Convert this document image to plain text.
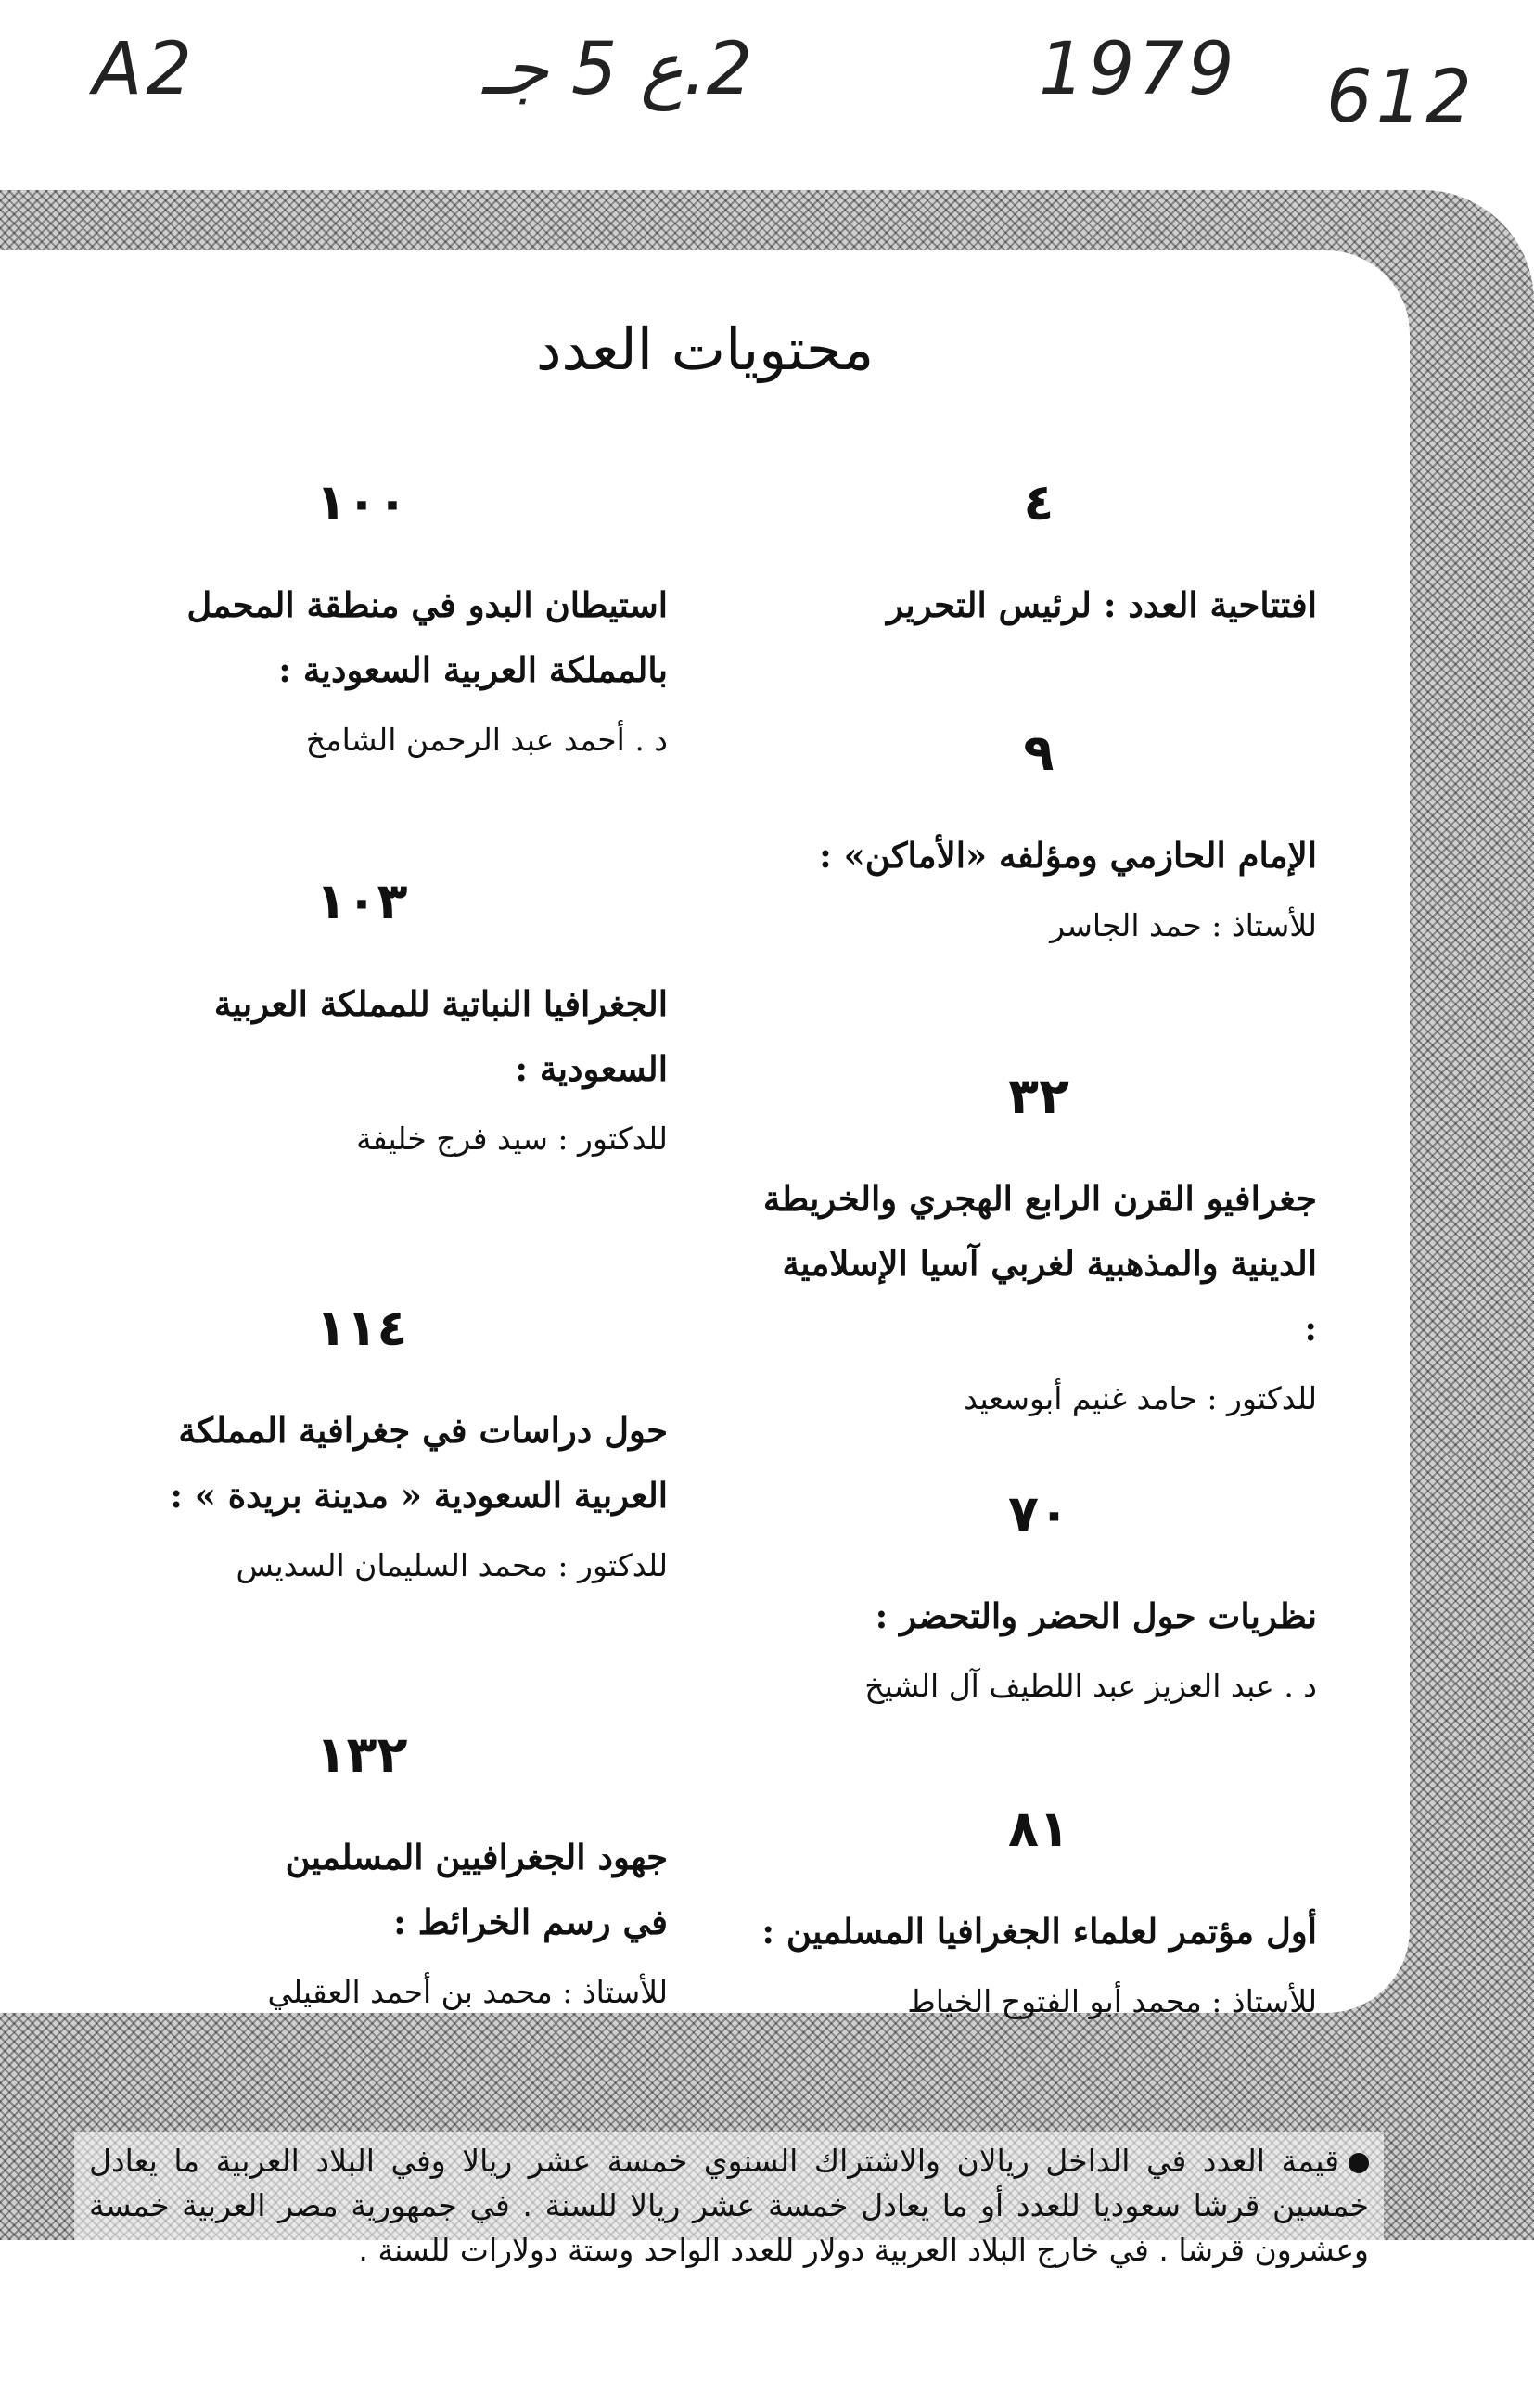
A2	2.ع 5 جـ	1979 612
محتويات العدد
٤
افتتاحية العدد : لرئيس التحرير
٩
الإمام الحازمي ومؤلفه «الأماكن» :
للأستاذ : حمد الجاسر
٣٢
جغرافيو القرن الرابع الهجري والخريطة
الدينية والمذهبية لغربي آسيا الإسلامية :
للدكتور : حامد غنيم أبوسعيد
٧٠
نظريات حول الحضر والتحضر :
د . عبد العزيز عبد اللطيف آل الشيخ
٨١
أول مؤتمر لعلماء الجغرافيا المسلمين :
للأستاذ : محمد أبو الفتوح الخياط
١٠٠
استيطان البدو في منطقة المحمل
بالمملكة العربية السعودية :
د . أحمد عبد الرحمن الشامخ
١٠٣
الجغرافيا النباتية للمملكة العربية
السعودية :
للدكتور : سيد فرج خليفة
١١٤
حول دراسات في جغرافية المملكة
العربية السعودية « مدينة بريدة » :
للدكتور : محمد السليمان السديس
١٣٢
جهود الجغرافيين المسلمين
في رسم الخرائط :
للأستاذ : محمد بن أحمد العقيلي
قيمة العدد في الداخل ريالان والاشتراك السنوي خمسة عشر ريالا وفي البلاد العربية ما يعادل خمسين قرشا سعوديا للعدد أو ما يعادل خمسة عشر ريالا للسنة . في جمهورية مصر العربية خمسة وعشرون قرشا . في خارج البلاد العربية دولار للعدد الواحد وستة دولارات للسنة .
